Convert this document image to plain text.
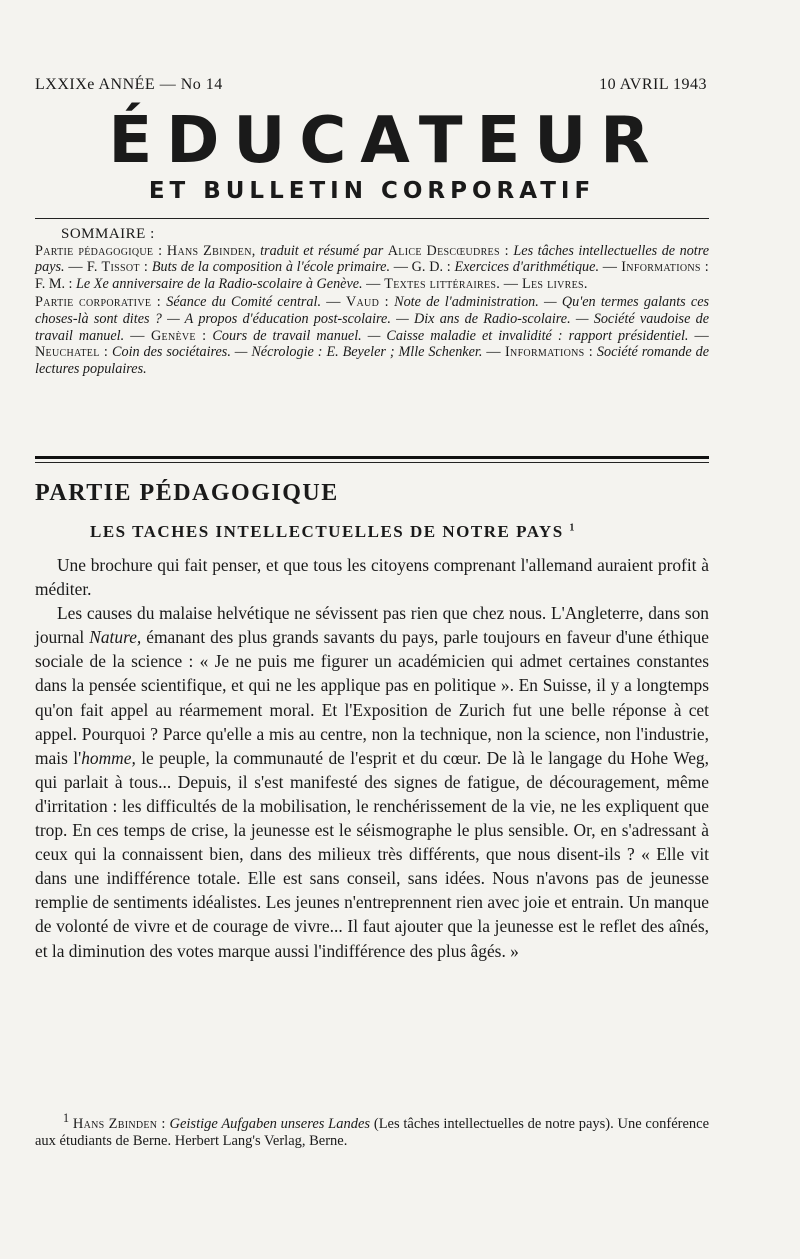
LXXIXe ANNÉE — No 14	10 AVRIL 1943
ÉDUCATEUR
ET BULLETIN CORPORATIF
SOMMAIRE :

Partie pédagogique : Hans Zbinden, traduit et résumé par Alice Descœudres : Les tâches intellectuelles de notre pays. — F. Tissot : Buts de la composition à l'école primaire. — G. D. : Exercices d'arithmétique. — Informations : F. M. : Le Xe anniversaire de la Radio-scolaire à Genève. — Textes littéraires. — Les livres.

Partie corporative : Séance du Comité central. — Vaud : Note de l'administration. — Qu'en termes galants ces choses-là sont dites ? — A propos d'éducation post-scolaire. — Dix ans de Radio-scolaire. — Société vaudoise de travail manuel. — Genève : Cours de travail manuel. — Caisse maladie et invalidité : rapport présidentiel. — Neuchatel : Coin des sociétaires. — Nécrologie : E. Beyeler ; Mlle Schenker. — Informations : Société romande de lectures populaires.

PARTIE PÉDAGOGIQUE
LES TACHES INTELLECTUELLES DE NOTRE PAYS $^1$

Une brochure qui fait penser, et que tous les citoyens comprenant l'allemand auraient profit à méditer.

Les causes du malaise helvétique ne sévissent pas rien que chez nous. L'Angleterre, dans son journal Nature, émanant des plus grands savants du pays, parle toujours en faveur d'une éthique sociale de la science : « Je ne puis me figurer un académicien qui admet certaines constantes dans la pensée scientifique, et qui ne les applique pas en politique ». En Suisse, il y a longtemps qu'on fait appel au réarmement moral. Et l'Exposition de Zurich fut une belle réponse à cet appel. Pourquoi ? Parce qu'elle a mis au centre, non la technique, non la science, non l'industrie, mais l'homme, le peuple, la communauté de l'esprit et du cœur. De là le langage du Hohe Weg, qui parlait à tous... Depuis, il s'est manifesté des signes de fatigue, de découragement, même d'irritation : les difficultés de la mobilisation, le renchérissement de la vie, ne les expliquent que trop. En ces temps de crise, la jeunesse est le séismographe le plus sensible. Or, en s'adressant à ceux qui la connaissent bien, dans des milieux très différents, que nous disent-ils ? « Elle vit dans une indifférence totale. Elle est sans conseil, sans idées. Nous n'avons pas de jeunesse remplie de sentiments idéalistes. Les jeunes n'entreprennent rien avec joie et entrain. Un manque de volonté de vivre et de courage de vivre... Il faut ajouter que la jeunesse est le reflet des aînés, et la diminution des votes marque aussi l'indifférence des plus âgés. »

$^1$ Hans Zbinden : Geistige Aufgaben unseres Landes (Les tâches intellectuelles de notre pays). Une conférence aux étudiants de Berne. Herbert Lang's Verlag, Berne.
